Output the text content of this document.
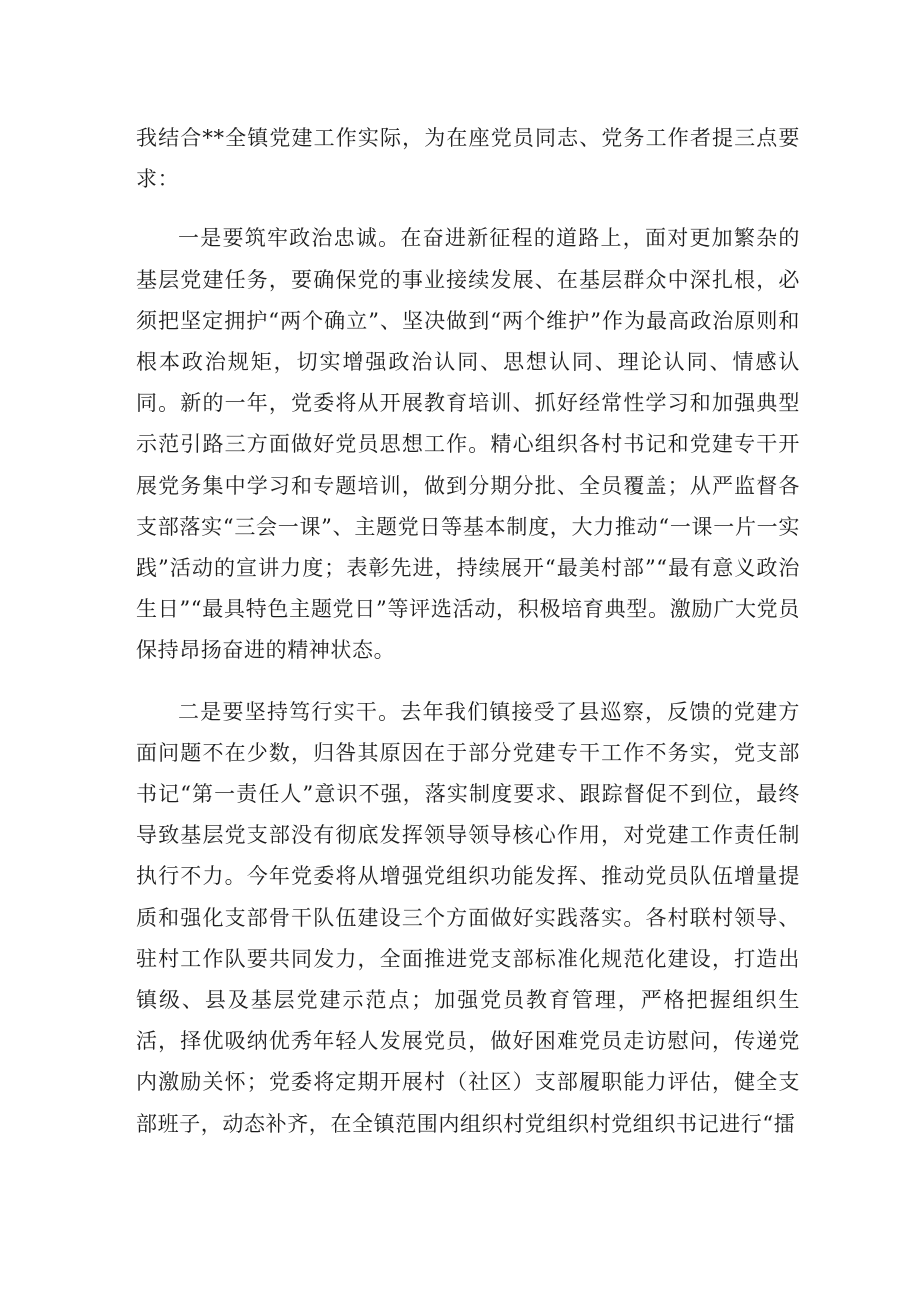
我结合**全镇党建工作实际，为在座党员同志、党务工作者提三点要求：

一是要筑牢政治忠诚。在奋进新征程的道路上，面对更加繁杂的基层党建任务，要确保党的事业接续发展、在基层群众中深扎根，必须把坚定拥护“两个确立”、坚决做到“两个维护”作为最高政治原则和根本政治规矩，切实增强政治认同、思想认同、理论认同、情感认同。新的一年，党委将从开展教育培训、抓好经常性学习和加强典型示范引路三方面做好党员思想工作。精心组织各村书记和党建专干开展党务集中学习和专题培训，做到分期分批、全员覆盖；从严监督各支部落实“三会一课”、主题党日等基本制度，大力推动“一课一片一实践”活动的宣讲力度；表彰先进，持续展开“最美村部”“最有意义政治生日”“最具特色主题党日”等评选活动，积极培育典型。激励广大党员保持昂扬奋进的精神状态。

二是要坚持笃行实干。去年我们镇接受了县巡察，反馈的党建方面问题不在少数，归咎其原因在于部分党建专干工作不务实，党支部书记“第一责任人”意识不强，落实制度要求、跟踪督促不到位，最终导致基层党支部没有彻底发挥领导领导核心作用，对党建工作责任制执行不力。今年党委将从增强党组织功能发挥、推动党员队伍增量提质和强化支部骨干队伍建设三个方面做好实践落实。各村联村领导、驻村工作队要共同发力，全面推进党支部标准化规范化建设，打造出镇级、县及基层党建示范点；加强党员教育管理，严格把握组织生活，择优吸纳优秀年轻人发展党员，做好困难党员走访慰问，传递党内激励关怀；党委将定期开展村（社区）支部履职能力评估，健全支部班子，动态补齐，在全镇范围内组织村党组织村党组织书记进行“擂
